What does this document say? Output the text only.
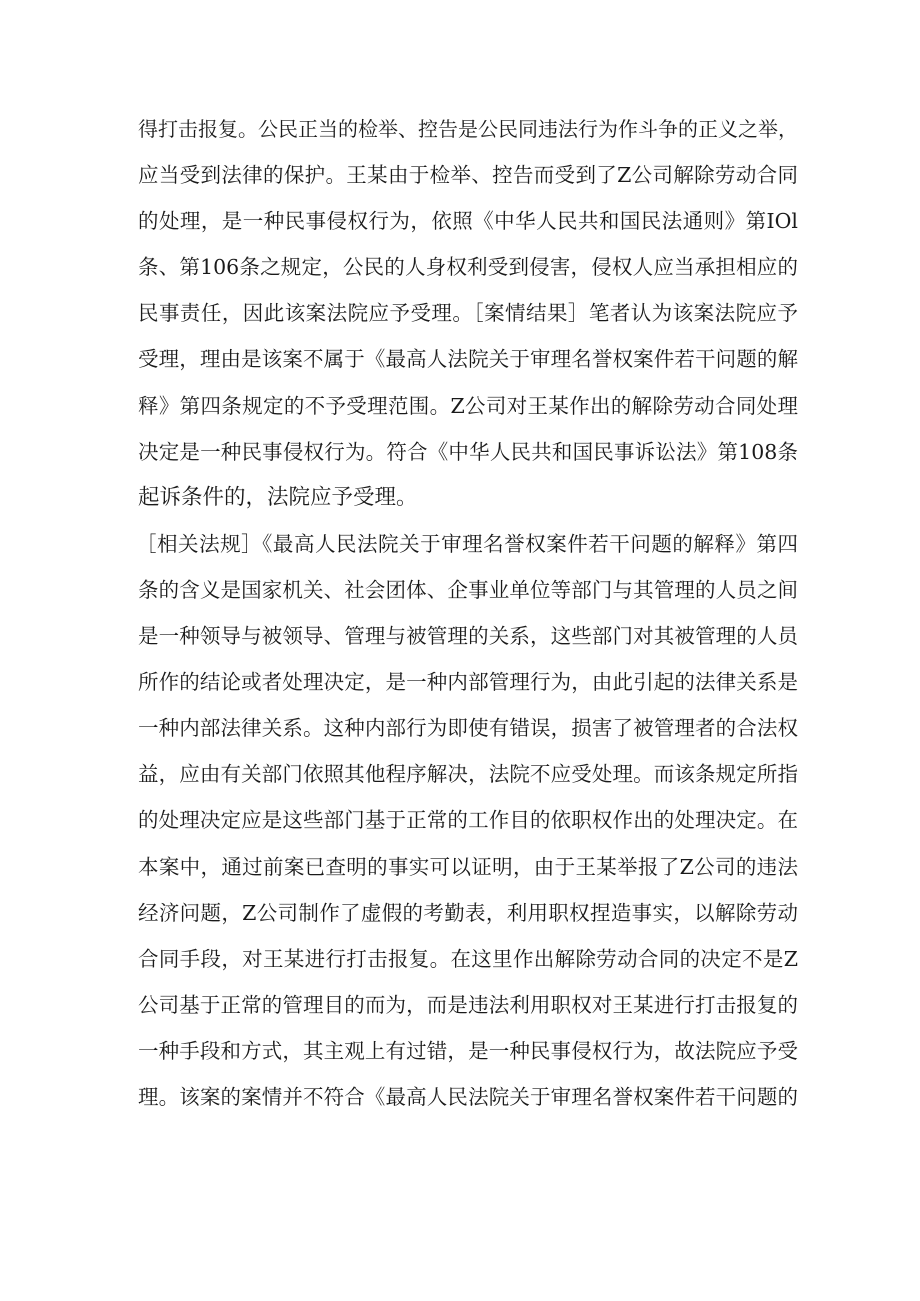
得打击报复。公民正当的检举、控告是公民同违法行为作斗争的正义之举，
应当受到法律的保护。王某由于检举、控告而受到了Z公司解除劳动合同
的处理，是一种民事侵权行为，依照《中华人民共和国民法通则》第IOl
条、第106条之规定，公民的人身权利受到侵害，侵权人应当承担相应的
民事责任，因此该案法院应予受理。［案情结果］笔者认为该案法院应予
受理，理由是该案不属于《最高人法院关于审理名誉权案件若干问题的解
释》第四条规定的不予受理范围。Z公司对王某作出的解除劳动合同处理
决定是一种民事侵权行为。符合《中华人民共和国民事诉讼法》第108条
起诉条件的，法院应予受理。
［相关法规］《最高人民法院关于审理名誉权案件若干问题的解释》第四
条的含义是国家机关、社会团体、企事业单位等部门与其管理的人员之间
是一种领导与被领导、管理与被管理的关系，这些部门对其被管理的人员
所作的结论或者处理决定，是一种内部管理行为，由此引起的法律关系是
一种内部法律关系。这种内部行为即使有错误，损害了被管理者的合法权
益，应由有关部门依照其他程序解决，法院不应受处理。而该条规定所指
的处理决定应是这些部门基于正常的工作目的依职权作出的处理决定。在
本案中，通过前案已查明的事实可以证明，由于王某举报了Z公司的违法
经济问题，Z公司制作了虚假的考勤表，利用职权捏造事实，以解除劳动
合同手段，对王某进行打击报复。在这里作出解除劳动合同的决定不是Z
公司基于正常的管理目的而为，而是违法利用职权对王某进行打击报复的
一种手段和方式，其主观上有过错，是一种民事侵权行为，故法院应予受
理。该案的案情并不符合《最高人民法院关于审理名誉权案件若干问题的
